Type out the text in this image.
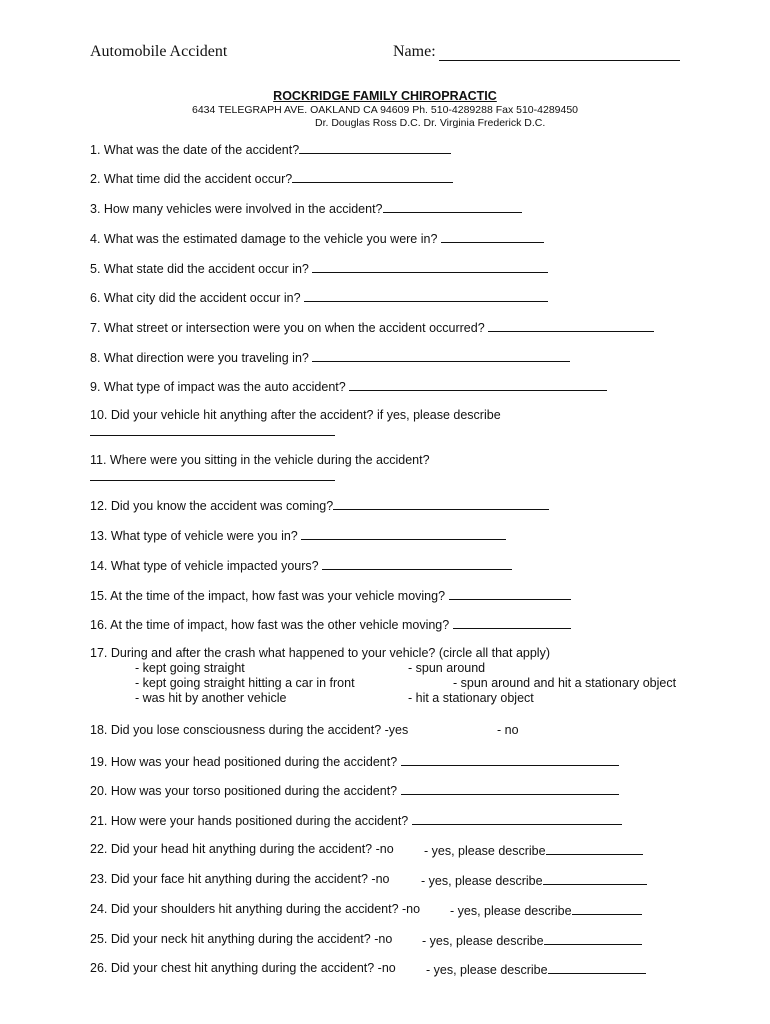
Automobile Accident	Name:
ROCKRIDGE FAMILY CHIROPRACTIC
6434 TELEGRAPH AVE. OAKLAND CA 94609 Ph. 510-4289288 Fax 510-4289450
Dr. Douglas Ross D.C. Dr. Virginia Frederick D.C.
1. What was the date of the accident?
2. What time did the accident occur?
3. How many vehicles were involved in the accident?
4. What was the estimated damage to the vehicle you were in?
5. What state did the accident occur in?
6. What city did the accident occur in?
7. What street or intersection were you on when the accident occurred?
8. What direction were you traveling in?
9. What type of impact was the auto accident?
10. Did your vehicle hit anything after the accident? if yes, please describe
11. Where were you sitting in the vehicle during the accident?
12. Did you know the accident was coming?
13. What type of vehicle were you in?
14. What type of vehicle impacted yours?
15. At the time of the impact, how fast was your vehicle moving?
16. At the time of impact, how fast was the other vehicle moving?
17. During and after the crash what happened to your vehicle? (circle all that apply)
- kept going straight	- spun around
- kept going straight hitting a car in front	- spun around and hit a stationary object
- was hit by another vehicle	- hit a stationary object
18. Did you lose consciousness during the accident? -yes	- no
19. How was your head positioned during the accident?
20. How was your torso positioned during the accident?
21. How were your hands positioned during the accident?
22. Did your head hit anything during the accident? -no - yes, please describe
23. Did your face hit anything during the accident? -no	- yes, please describe
24. Did your shoulders hit anything during the accident? -no - yes, please describe
25. Did your neck hit anything during the accident? -no - yes, please describe
26. Did your chest hit anything during the accident? -no - yes, please describe
